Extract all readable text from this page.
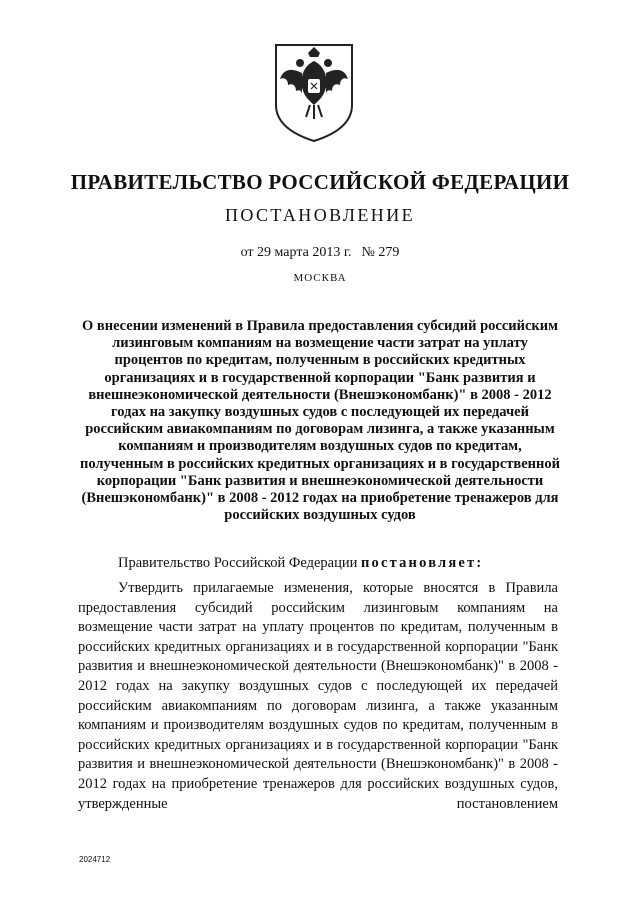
ПРАВИТЕЛЬСТВО РОССИЙСКОЙ ФЕДЕРАЦИИ
ПОСТАНОВЛЕНИЕ
от 29 марта 2013 г. № 279
МОСКВА
О внесении изменений в Правила предоставления субсидий российским лизинговым компаниям на возмещение части затрат на уплату процентов по кредитам, полученным в российских кредитных организациях и в государственной корпорации "Банк развития и внешнеэкономической деятельности (Внешэкономбанк)" в 2008 - 2012 годах на закупку воздушных судов с последующей их передачей российским авиакомпаниям по договорам лизинга, а также указанным компаниям и производителям воздушных судов по кредитам, полученным в российских кредитных организациях и в государственной корпорации "Банк развития и внешнеэкономической деятельности (Внешэкономбанк)" в 2008 - 2012 годах на приобретение тренажеров для российских воздушных судов
Правительство Российской Федерации постановляет:
Утвердить прилагаемые изменения, которые вносятся в Правила предоставления субсидий российским лизинговым компаниям на возмещение части затрат на уплату процентов по кредитам, полученным в российских кредитных организациях и в государственной корпорации "Банк развития и внешнеэкономической деятельности (Внешэкономбанк)" в 2008 - 2012 годах на закупку воздушных судов с последующей их передачей российским авиакомпаниям по договорам лизинга, а также указанным компаниям и производителям воздушных судов по кредитам, полученным в российских кредитных организациях и в государственной корпорации "Банк развития и внешнеэкономической деятельности (Внешэкономбанк)" в 2008 - 2012 годах на приобретение тренажеров для российских воздушных судов, утвержденные постановлением
2024712
